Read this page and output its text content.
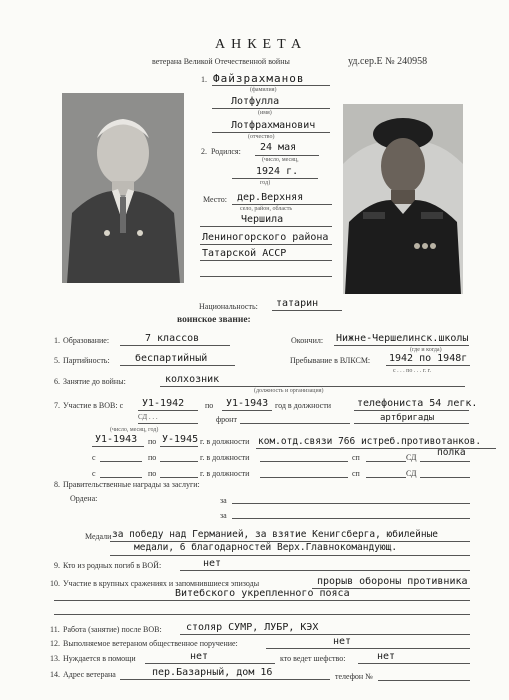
АНКЕТА
ветерана Великой Отечественной войны	уд.сер.Е № 240958
1. Файзрахманов
(фамилия)
Лотфулла
(имя)
Лотфрахманович
(отчество)
2. Родился: 24 мая
(число, месяц,
1924 г.
год)
Место: дер.Верхняя
село, район, область
Чершила
Лениногорского района
Татарской АССР
Национальность: татарин
воинское звание:
1. Образование:	7 классов	Окончил: Нижне-Чершелинск.школы
(где и когда)
5. Партийность:	беспартийный	Пребывание в ВЛКСМ: 1942 по 1948г
с . . . по . . . г. г.
6. Занятие до войны:	колхозник
(должность и организация)
7. Участие в ВОВ: с У1-1942	по У1-1943 год в должности	телефониста 54 легк.
СД . . .	фронт	артбригады
(число, месяц, год)
У1-1943 по У-1945 г. в должности ком.отд.связи 766 истреб.противотанков.
полка
с	по	г. в должности	сп	СД
с	по	г. в должности	сп	СД
8. Правительственные награды за заслуги:
Ордена:	за
за
Медали за победу над Германией, за взятие Кенигсберга, юбилейные
медали, 6 благодарностей Верх.Главнокомандующ.
9. Кто из родных погиб в ВОЙ:	нет
10. Участие в крупных сражениях и запомнившиеся эпизоды	прорыв обороны противника
Витебского укрепленного пояса
11. Работа (занятие) после ВОВ: столяр СУМР, ЛУБР, КЭХ
12. Выполняемое ветераном общественное поручение:	нет
13. Нуждается в помощи	нет	кто ведет шефство:	нет
14. Адрес ветерана	пер.Базарный, дом 16	телефон №
